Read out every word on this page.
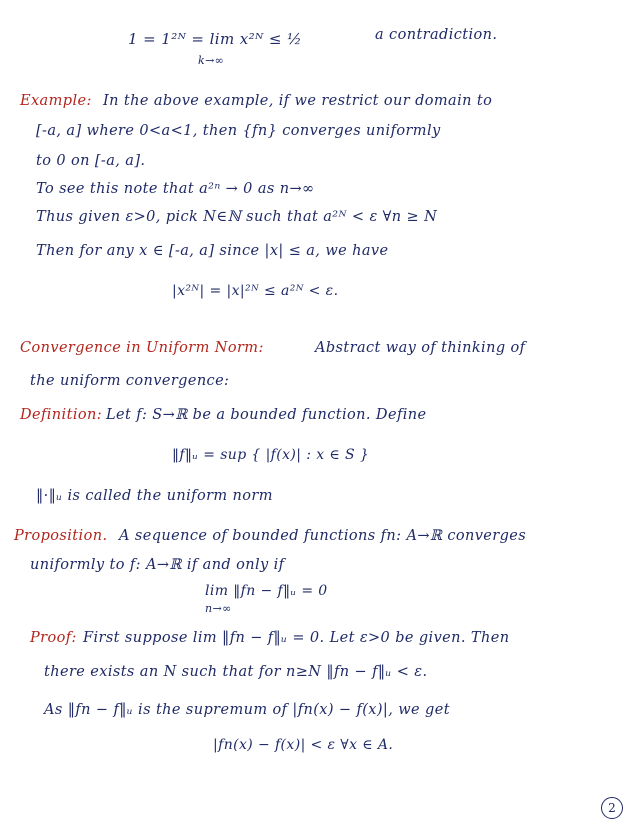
1 = 1²ᴺ = lim x²ᴺ ≤ ½
k→∞
a contradiction.
Example: In the above example, if we restrict our domain to
[-a, a] where 0<a<1, then {fn} converges uniformly
to 0 on [-a, a].
To see this note that a²ⁿ → 0 as n→∞
Thus given ε>0, pick N∈ℕ such that a²ᴺ < ε ∀n ≥ N
Then for any x ∈ [-a, a] since |x| ≤ a, we have
|x²ᴺ| = |x|²ᴺ ≤ a²ᴺ < ε.
Convergence in Uniform Norm:	Abstract way of thinking of
the uniform convergence:
Definition: Let f: S→ℝ be a bounded function. Define
‖f‖ᵤ = sup { |f(x)| : x ∈ S }
‖·‖ᵤ is called the uniform norm
Proposition. A sequence of bounded functions fn: A→ℝ converges
uniformly to f: A→ℝ if and only if
lim ‖fn − f‖ᵤ = 0
n→∞
Proof: First suppose lim ‖fn − f‖ᵤ = 0. Let ε>0 be given. Then
there exists an N such that for n≥N ‖fn − f‖ᵤ < ε.
As ‖fn − f‖ᵤ is the supremum of |fn(x) − f(x)|, we get
|fn(x) − f(x)| < ε ∀x ∈ A.
2
